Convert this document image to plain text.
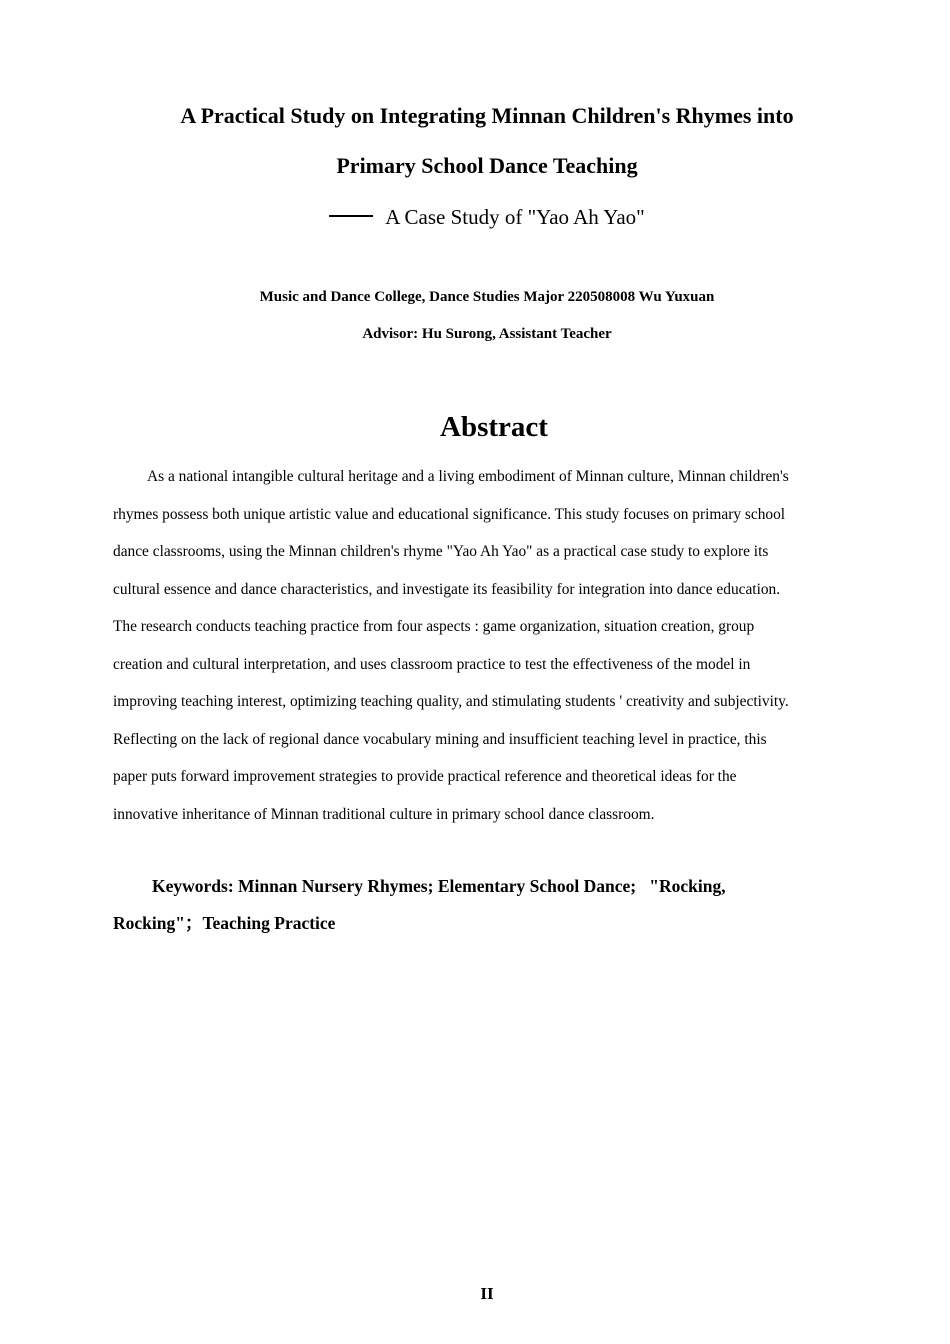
A Practical Study on Integrating Minnan Children's Rhymes into
Primary School Dance Teaching
A Case Study of "Yao Ah Yao"
Music and Dance College, Dance Studies Major 220508008 Wu Yuxuan
Advisor: Hu Surong, Assistant Teacher
Abstract

As a national intangible cultural heritage and a living embodiment of Minnan culture, Minnan children's
rhymes possess both unique artistic value and educational significance. This study focuses on primary school
dance classrooms, using the Minnan children's rhyme "Yao Ah Yao" as a practical case study to explore its
cultural essence and dance characteristics, and investigate its feasibility for integration into dance education.
The research conducts teaching practice from four aspects : game organization, situation creation, group
creation and cultural interpretation, and uses classroom practice to test the effectiveness of the model in
improving teaching interest, optimizing teaching quality, and stimulating students ' creativity and subjectivity.
Reflecting on the lack of regional dance vocabulary mining and insufficient teaching level in practice, this
paper puts forward improvement strategies to provide practical reference and theoretical ideas for the
innovative inheritance of Minnan traditional culture in primary school dance classroom.

Keywords: Minnan Nursery Rhymes; Elementary School Dance;   "Rocking,
Rocking"；Teaching Practice

II
